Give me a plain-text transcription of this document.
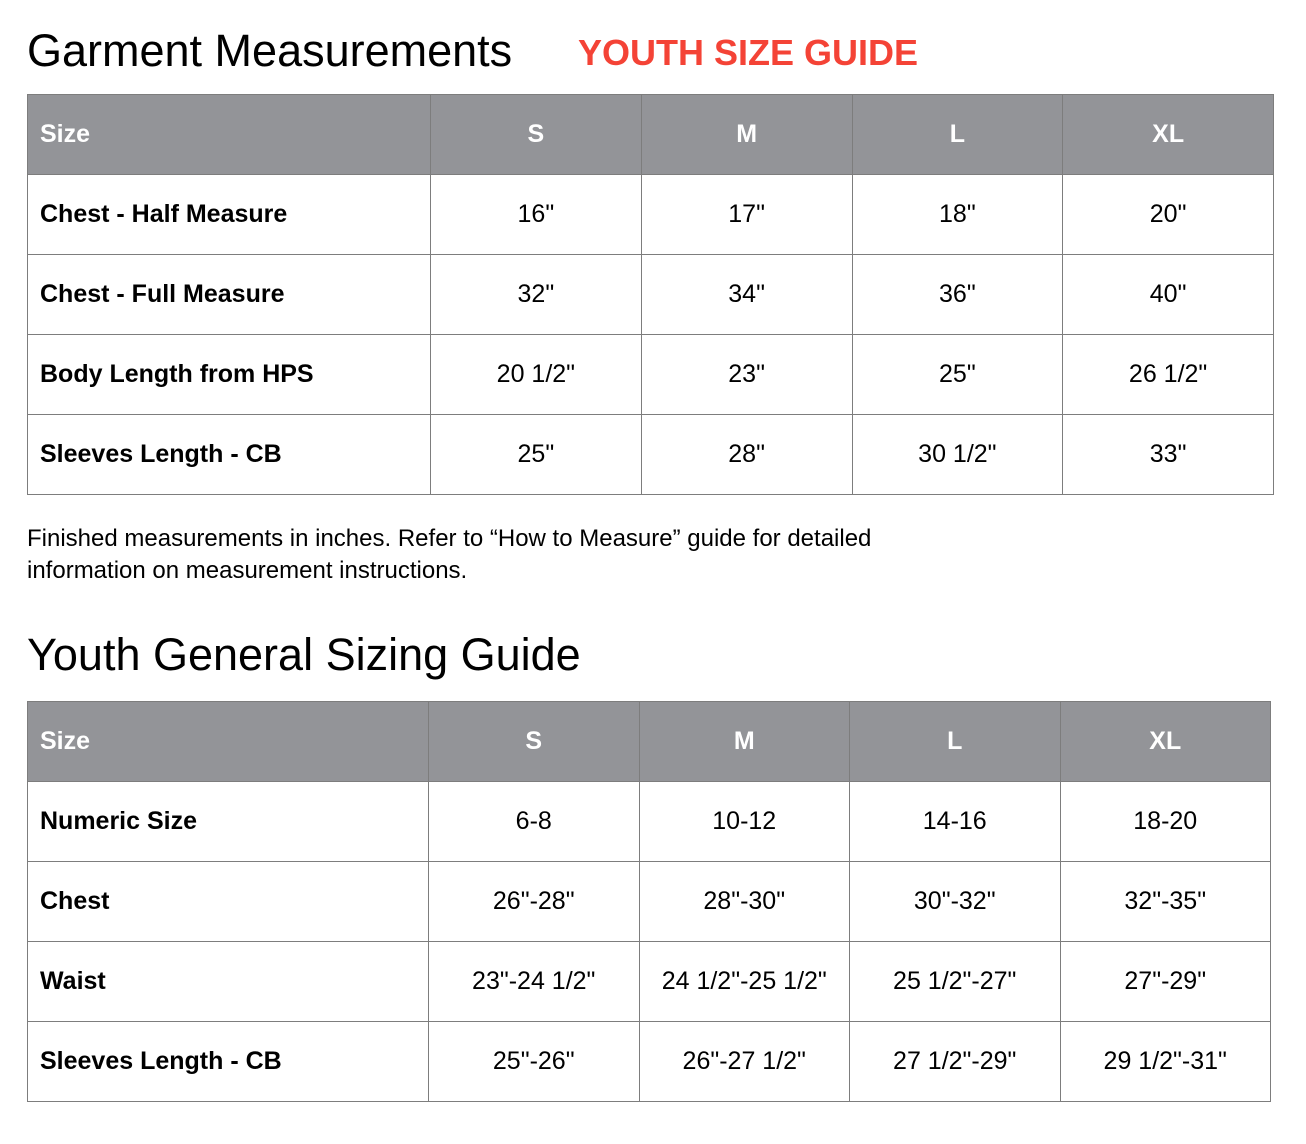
Garment Measurements YOUTH SIZE GUIDE
Size	S	M	L	XL
Chest - Half Measure	16"	17"	18"	20"
Chest - Full Measure	32"	34"	36"	40"
Body Length from HPS	20 1/2"	23"	25"	26 1/2"
Sleeves Length - CB	25"	28"	30 1/2"	33"

Finished measurements in inches. Refer to “How to Measure” guide for detailed information on measurement instructions.

Youth General Sizing Guide
Size	S	M	L	XL
Numeric Size	6-8	10-12	14-16	18-20
Chest	26"-28"	28"-30"	30"-32"	32"-35"
Waist	23"-24 1/2"	24 1/2"-25 1/2"	25 1/2"-27"	27"-29"
Sleeves Length - CB	25"-26"	26"-27 1/2"	27 1/2"-29"	29 1/2"-31"
